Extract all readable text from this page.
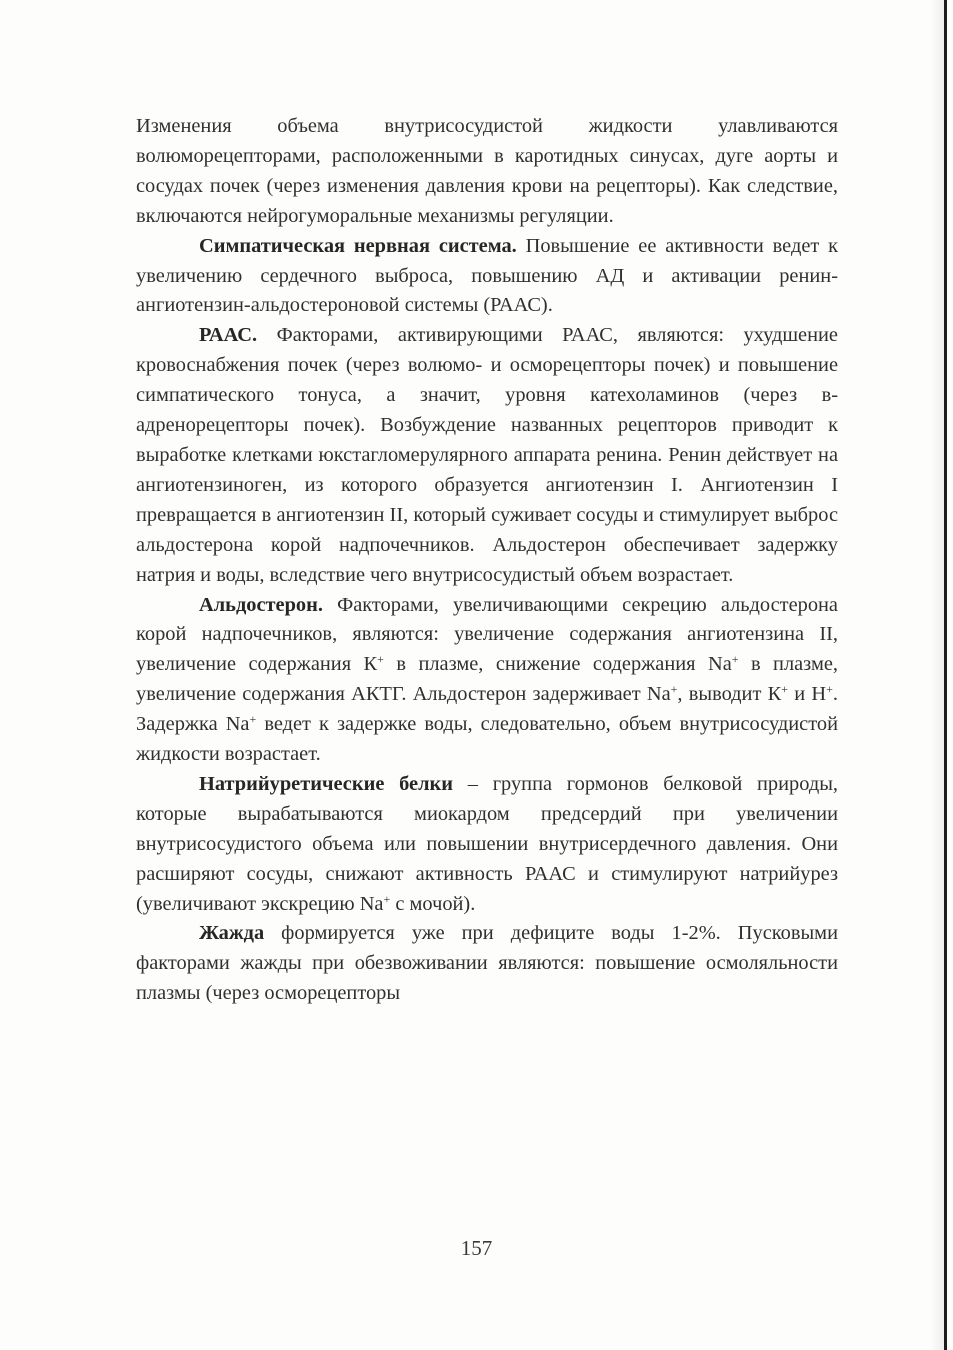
Изменения объема внутрисосудистой жидкости улавливаются волюморецепторами, расположенными в каротидных синусах, дуге аорты и сосудах почек (через изменения давления крови на рецепторы). Как следствие, включаются нейрогуморальные механизмы регуляции.

Симпатическая нервная система. Повышение ее активности ведет к увеличению сердечного выброса, повышению АД и активации ренин-ангиотензин-альдостероновой системы (РААС).

РААС. Факторами, активирующими РААС, являются: ухудшение кровоснабжения почек (через волюмо- и осморецепторы почек) и повышение симпатического тонуса, а значит, уровня катехоламинов (через в-адренорецепторы почек). Возбуждение названных рецепторов приводит к выработке клетками юкстагломерулярного аппарата ренина. Ренин действует на ангиотензиноген, из которого образуется ангиотензин I. Ангиотензин I превращается в ангиотензин II, который суживает сосуды и стимулирует выброс альдостерона корой надпочечников. Альдостерон обеспечивает задержку натрия и воды, вследствие чего внутрисосудистый объем возрастает.

Альдостерон. Факторами, увеличивающими секрецию альдостерона корой надпочечников, являются: увеличение содержания ангиотензина II, увеличение содержания К+ в плазме, снижение содержания Na+ в плазме, увеличение содержания АКТГ. Альдостерон задерживает Na+, выводит К+ и Н+. Задержка Na+ ведет к задержке воды, следовательно, объем внутрисосудистой жидкости возрастает.

Натрийуретические белки – группа гормонов белковой природы, которые вырабатываются миокардом предсердий при увеличении внутрисосудистого объема или повышении внутрисердечного давления. Они расширяют сосуды, снижают активность РААС и стимулируют натрийурез (увеличивают экскрецию Na+ с мочой).

Жажда формируется уже при дефиците воды 1-2%. Пусковыми факторами жажды при обезвоживании являются: повышение осмоляльности плазмы (через осморецепторы

157
